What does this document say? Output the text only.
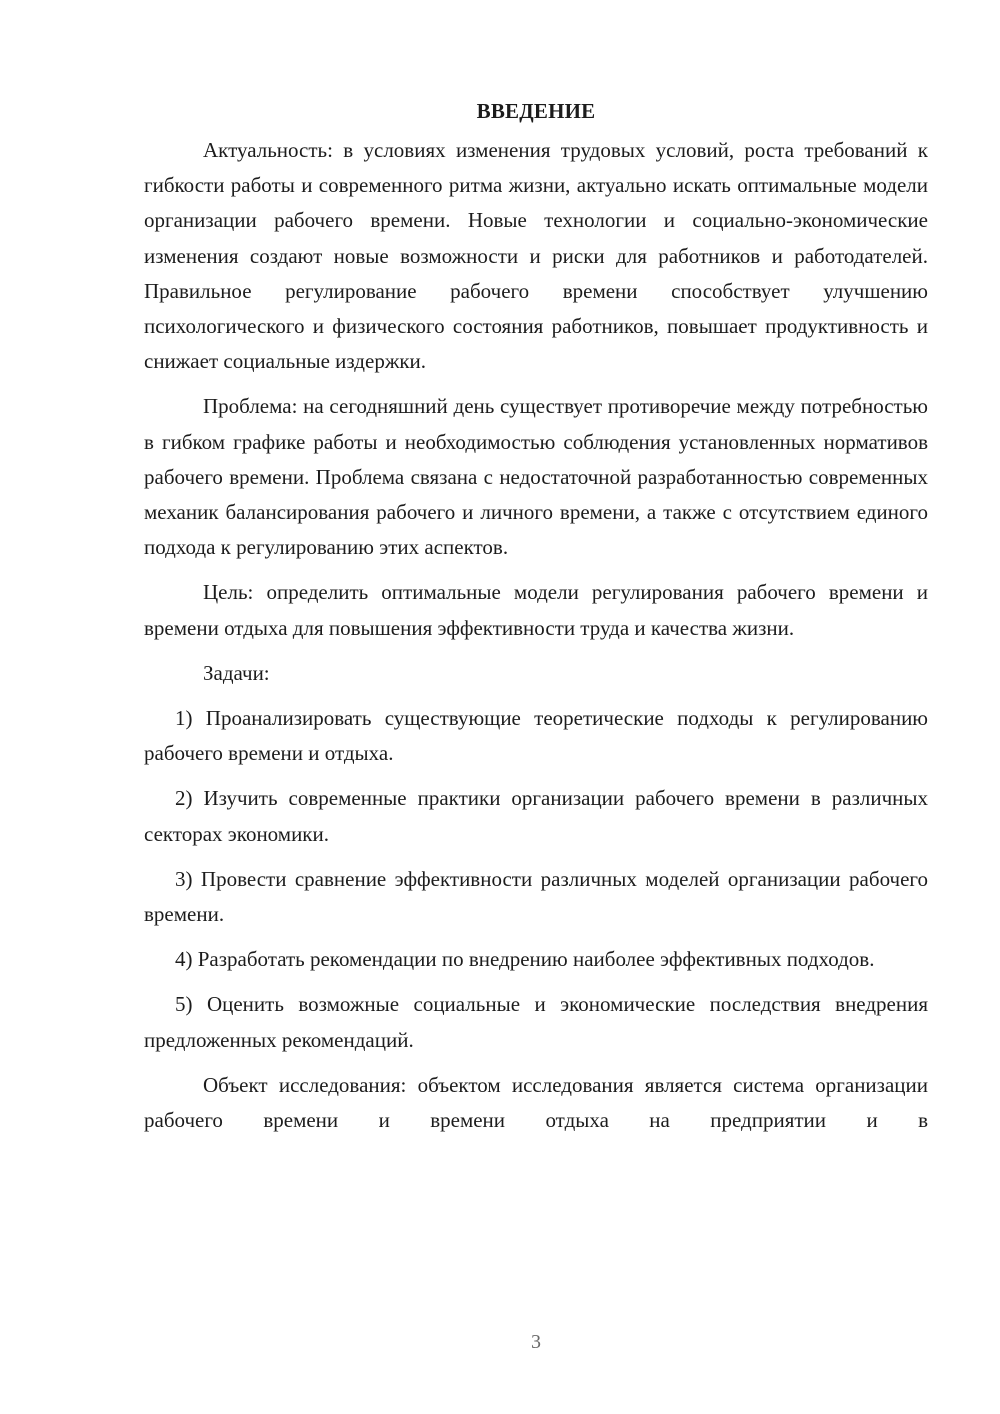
ВВЕДЕНИЕ

Актуальность: в условиях изменения трудовых условий, роста требований к гибкости работы и современного ритма жизни, актуально искать оптимальные модели организации рабочего времени. Новые технологии и социально-экономические изменения создают новые возможности и риски для работников и работодателей. Правильное регулирование рабочего времени способствует улучшению психологического и физического состояния работников, повышает продуктивность и снижает социальные издержки.

Проблема: на сегодняшний день существует противоречие между потребностью в гибком графике работы и необходимостью соблюдения установленных нормативов рабочего времени. Проблема связана с недостаточной разработанностью современных механик балансирования рабочего и личного времени, а также с отсутствием единого подхода к регулированию этих аспектов.

Цель: определить оптимальные модели регулирования рабочего времени и времени отдыха для повышения эффективности труда и качества жизни.

Задачи:

1) Проанализировать существующие теоретические подходы к регулированию рабочего времени и отдыха.

2) Изучить современные практики организации рабочего времени в различных секторах экономики.

3) Провести сравнение эффективности различных моделей организации рабочего времени.

4) Разработать рекомендации по внедрению наиболее эффективных подходов.

5) Оценить возможные социальные и экономические последствия внедрения предложенных рекомендаций.

Объект исследования: объектом исследования является система организации рабочего времени и времени отдыха на предприятии и в

3
